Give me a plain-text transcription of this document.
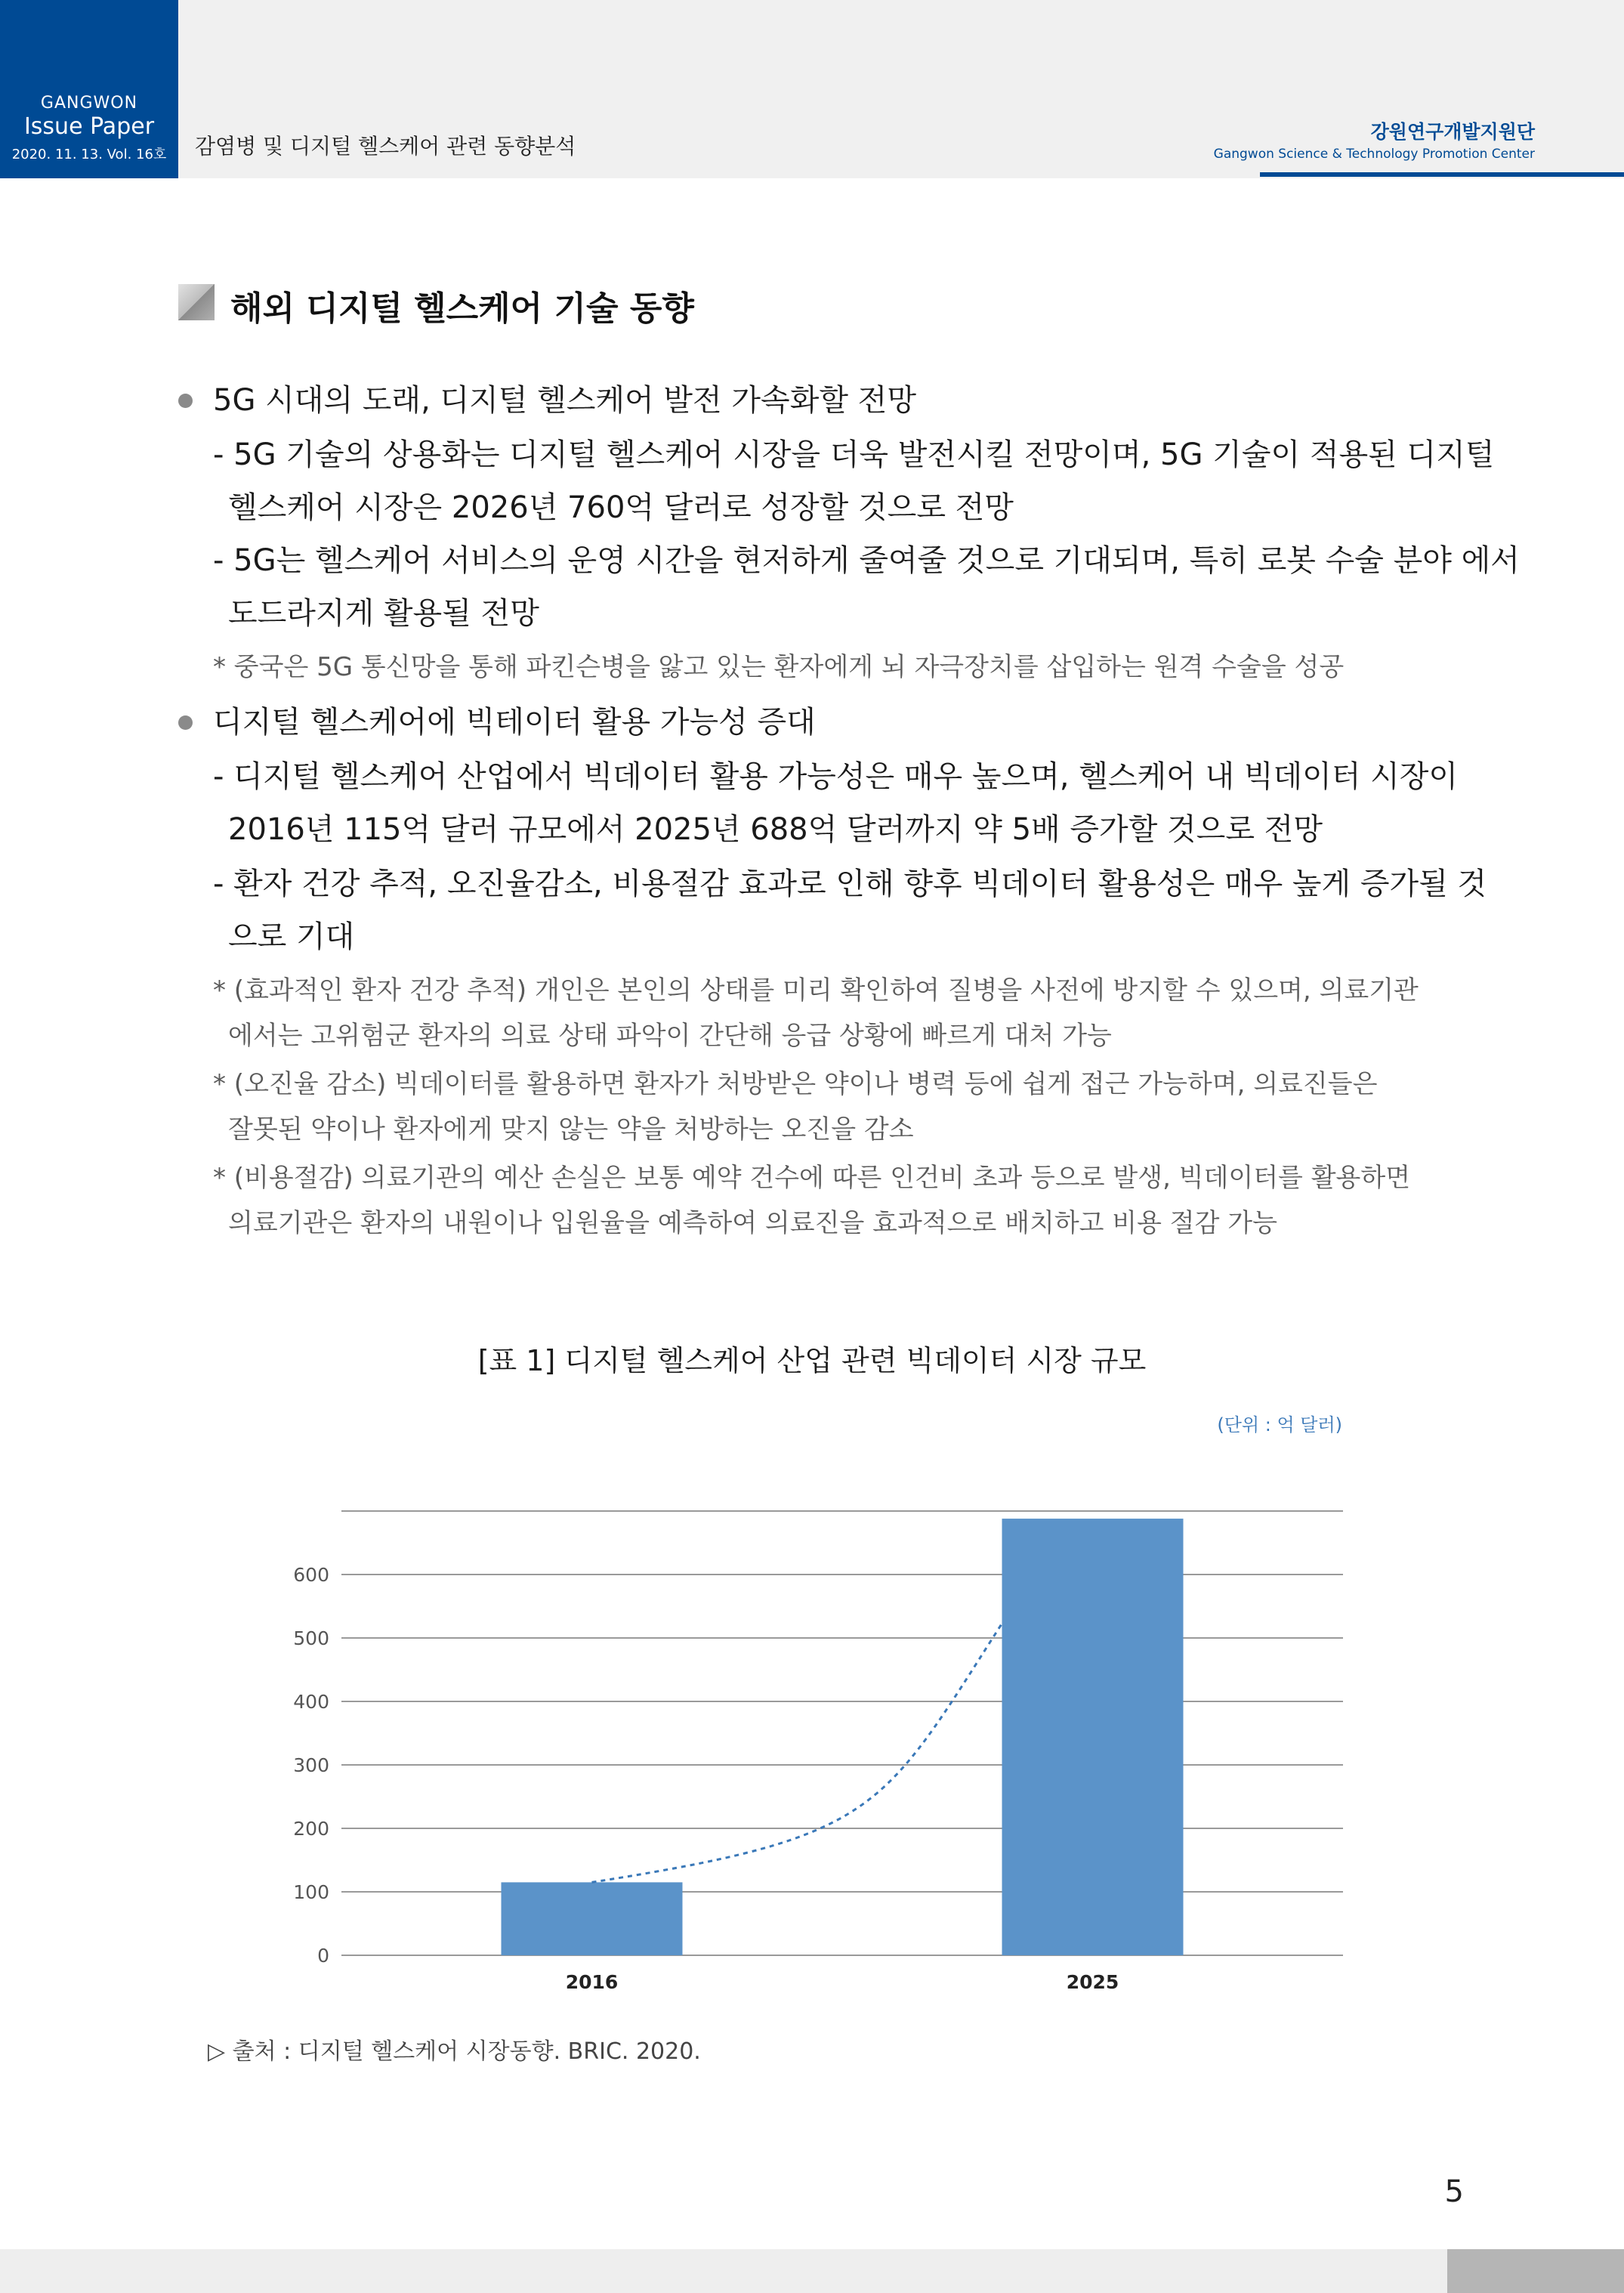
GANGWON
Issue Paper
2020. 11. 13. Vol. 16호	감염병 및 디지털 헬스케어 관련 동향분석
강원연구개발지원단
Gangwon Science & Technology Promotion Center
해외 디지털 헬스케어 기술 동향
5G 시대의 도래, 디지털 헬스케어 발전 가속화할 전망
- 5G 기술의 상용화는 디지털 헬스케어 시장을 더욱 발전시킬 전망이며, 5G 기술이 적용된 디지털
헬스케어 시장은 2026년 760억 달러로 성장할 것으로 전망
- 5G는 헬스케어 서비스의 운영 시간을 현저하게 줄여줄 것으로 기대되며, 특히 로봇 수술 분야 에서
도드라지게 활용될 전망
* 중국은 5G 통신망을 통해 파킨슨병을 앓고 있는 환자에게 뇌 자극장치를 삽입하는 원격 수술을 성공
디지털 헬스케어에 빅테이터 활용 가능성 증대
- 디지털 헬스케어 산업에서 빅데이터 활용 가능성은 매우 높으며, 헬스케어 내 빅데이터 시장이
2016년 115억 달러 규모에서 2025년 688억 달러까지 약 5배 증가할 것으로 전망
- 환자 건강 추적, 오진율감소, 비용절감 효과로 인해 향후 빅데이터 활용성은 매우 높게 증가될 것
으로 기대
* (효과적인 환자 건강 추적) 개인은 본인의 상태를 미리 확인하여 질병을 사전에 방지할 수 있으며, 의료기관
에서는 고위험군 환자의 의료 상태 파악이 간단해 응급 상황에 빠르게 대처 가능
* (오진율 감소) 빅데이터를 활용하면 환자가 처방받은 약이나 병력 등에 쉽게 접근 가능하며, 의료진들은
잘못된 약이나 환자에게 맞지 않는 약을 처방하는 오진을 감소
* (비용절감) 의료기관의 예산 손실은 보통 예약 건수에 따른 인건비 초과 등으로 발생, 빅데이터를 활용하면
의료기관은 환자의 내원이나 입원율을 예측하여 의료진을 효과적으로 배치하고 비용 절감 가능
[표 1] 디지털 헬스케어 산업 관련 빅데이터 시장 규모
(단위 : 억 달러)
0
100
200
300
400
500
600
2016	2025
▷ 출처 : 디지털 헬스케어 시장동향. BRIC. 2020.
5
